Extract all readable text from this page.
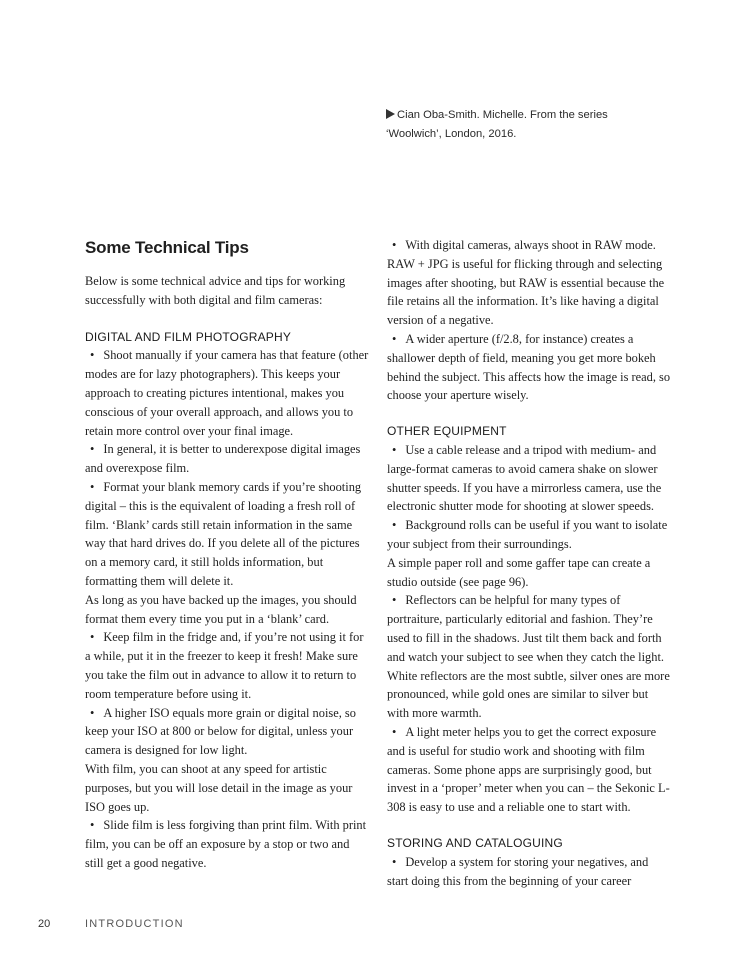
Cian Oba-Smith. Michelle. From the series
‘Woolwich’, London, 2016.
Some Technical Tips

Below is some technical advice and tips for working successfully with both digital and film cameras:

DIGITAL AND FILM PHOTOGRAPHY

• Shoot manually if your camera has that feature (other modes are for lazy photographers). This keeps your approach to creating pictures intentional, makes you conscious of your overall approach, and allows you to retain more control over your final image.

• In general, it is better to underexpose digital images and overexpose film.

• Format your blank memory cards if you’re shooting digital – this is the equivalent of loading a fresh roll of film. ‘Blank’ cards still retain information in the same way that hard drives do. If you delete all of the pictures on a memory card, it still holds information, but formatting them will delete it.

As long as you have backed up the images, you should format them every time you put in a ‘blank’ card.

• Keep film in the fridge and, if you’re not using it for a while, put it in the freezer to keep it fresh! Make sure you take the film out in advance to allow it to return to room temperature before using it.

• A higher ISO equals more grain or digital noise, so keep your ISO at 800 or below for digital, unless your camera is designed for low light.

With film, you can shoot at any speed for artistic purposes, but you will lose detail in the image as your ISO goes up.

• Slide film is less forgiving than print film. With print film, you can be off an exposure by a stop or two and still get a good negative.

• With digital cameras, always shoot in RAW mode. RAW + JPG is useful for flicking through and selecting images after shooting, but RAW is essential because the file retains all the information. It’s like having a digital version of a negative.

• A wider aperture (f/2.8, for instance) creates a shallower depth of field, meaning you get more bokeh behind the subject. This affects how the image is read, so choose your aperture wisely.

OTHER EQUIPMENT

• Use a cable release and a tripod with medium- and large-format cameras to avoid camera shake on slower shutter speeds. If you have a mirrorless camera, use the electronic shutter mode for shooting at slower speeds.

• Background rolls can be useful if you want to isolate your subject from their surroundings.

A simple paper roll and some gaffer tape can create a studio outside (see page 96).

• Reflectors can be helpful for many types of portraiture, particularly editorial and fashion. They’re used to fill in the shadows. Just tilt them back and forth and watch your subject to see when they catch the light. White reflectors are the most subtle, silver ones are more pronounced, while gold ones are similar to silver but with more warmth.

• A light meter helps you to get the correct exposure and is useful for studio work and shooting with film cameras. Some phone apps are surprisingly good, but invest in a ‘proper’ meter when you can – the Sekonic L-308 is easy to use and a reliable one to start with.

STORING AND CATALOGUING

• Develop a system for storing your negatives, and start doing this from the beginning of your career

20	INTRODUCTION
